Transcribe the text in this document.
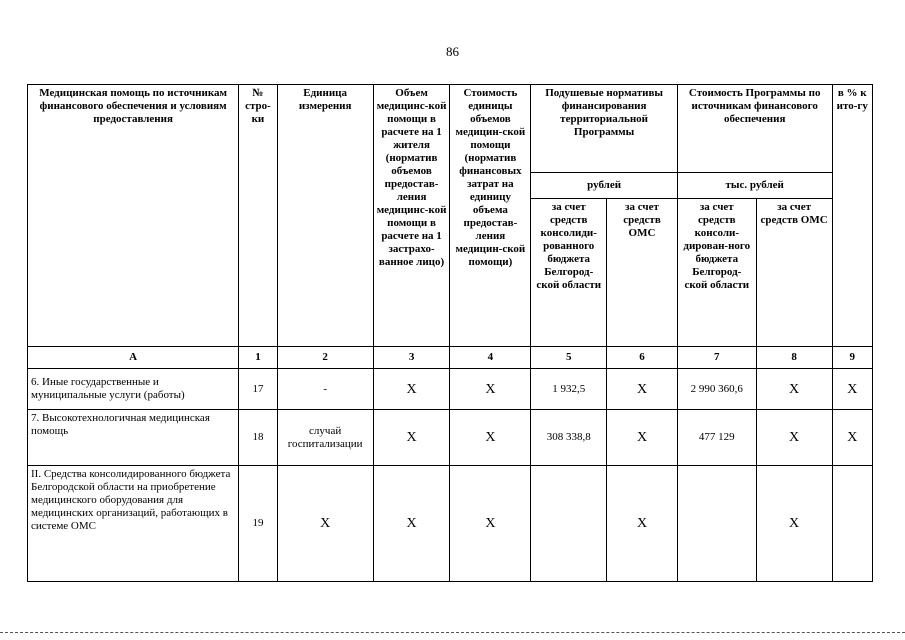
86
Медицинская помощь по источникам финансового обеспечения и условиям предоставления	№ стро-ки	Единица измерения	Объем медицинс-кой помощи в расчете на 1 жителя (норматив объемов предостав-ления медицинс-кой помощи в расчете на 1 застрахо-ванное лицо)	Стоимость единицы объемов медицин-ской помощи (норматив финансовых затрат на единицу объема предостав-ления медицин-ской помощи)	Подушевые нормативы финансирования территориальной Программы		Стоимость Программы по источникам финансового обеспечения		в % к ито-гу
					рублей		тыс. рублей		
					за счет средств консолиди-рованного бюджета Белгород-ской области	за счет средств ОМС	за счет средств консоли-дирован-ного бюджета Белгород-ской области	за счет средств ОМС	
А	1	2	3	4	5	6	7	8	9
6. Иные государственные и муниципальные услуги (работы)	17	-	Х	Х	1 932,5	Х	2 990 360,6	Х	Х
7. Высокотехнологичная медицинская помощь	18	случай госпитализации	Х	Х	308 338,8	Х	477 129	Х	Х
II. Средства консолидированного бюджета Белгородской области на приобретение медицинского оборудования для медицинских организаций, работающих в системе ОМС	19	Х	Х	Х		Х		Х	
